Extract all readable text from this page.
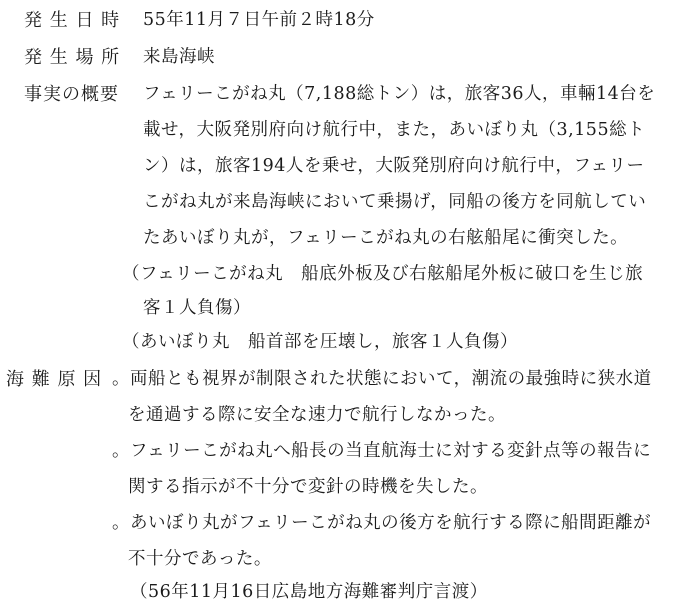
発 生 日 時 55年11月７日午前２時18分
発 生 場 所 来島海峡
事実の概要 フェリーこがね丸（7,188総トン）は，旅客36人，車輛14台を
載せ，大阪発別府向け航行中，また，あいぼり丸（3,155総ト
ン）は，旅客194人を乗せ，大阪発別府向け航行中，フェリー
こがね丸が来島海峡において乗揚げ，同船の後方を同航してい
たあいぼり丸が，フェリーこがね丸の右舷船尾に衝突した。
（フェリーこがね丸　船底外板及び右舷船尾外板に破口を生じ旅
客１人負傷）
（あいぼり丸　船首部を圧壊し，旅客１人負傷）
海 難 原 因 。両船とも視界が制限された状態において，潮流の最強時に狭水道
を通過する際に安全な速力で航行しなかった。
。フェリーこがね丸へ船長の当直航海士に対する変針点等の報告に
関する指示が不十分で変針の時機を失した。
。あいぼり丸がフェリーこがね丸の後方を航行する際に船間距離が
不十分であった。
（56年11月16日広島地方海難審判庁言渡）
